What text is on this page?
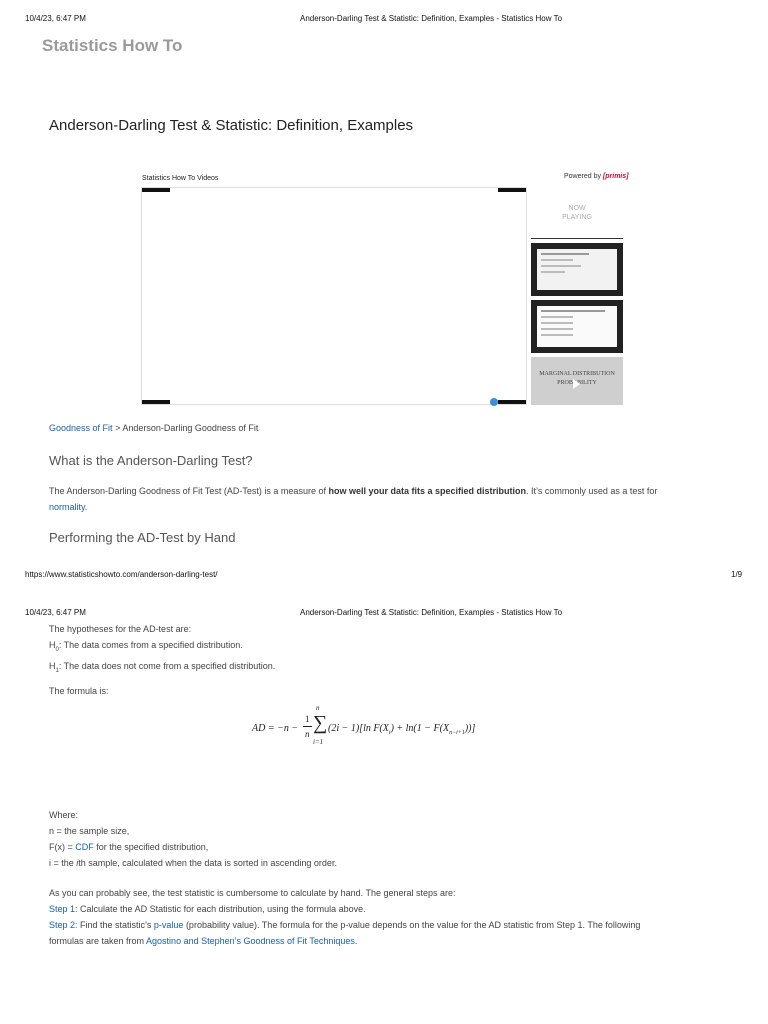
10/4/23, 6:47 PM	Anderson-Darling Test & Statistic: Definition, Examples - Statistics How To
Statistics How To
Anderson-Darling Test & Statistic: Definition, Examples
Statistics How To Videos	Powered by [primis]
NOW
PLAYING
MARGINAL DISTRIBUTION
PROBABILITY
Goodness of Fit > Anderson-Darling Goodness of Fit
What is the Anderson-Darling Test?
The Anderson-Darling Goodness of Fit Test (AD-Test) is a measure of how well your data fits a specified distribution. It’s commonly used as a test for
normality.
Performing the AD-Test by Hand
https://www.statisticshowto.com/anderson-darling-test/	1/9
10/4/23, 6:47 PM	Anderson-Darling Test & Statistic: Definition, Examples - Statistics How To
The hypotheses for the AD-test are:
$H_0$: The data comes from a specified distribution.
$H_1$: The data does not come from a specified distribution.
The formula is:
AD = −n −
1
n
n
∑
i=1
(2i − 1)[ln $F(X_i) + \ln(1 - F(X_{n-i+1}))$]
Where:
n = the sample size,
F(x) = CDF for the specified distribution,
i = the ith sample, calculated when the data is sorted in ascending order.
As you can probably see, the test statistic is cumbersome to calculate by hand. The general steps are:
Step 1: Calculate the AD Statistic for each distribution, using the formula above.
Step 2: Find the statistic’s p-value (probability value). The formula for the p-value depends on the value for the AD statistic from Step 1. The following
formulas are taken from Agostino and Stephen’s Goodness of Fit Techniques.
